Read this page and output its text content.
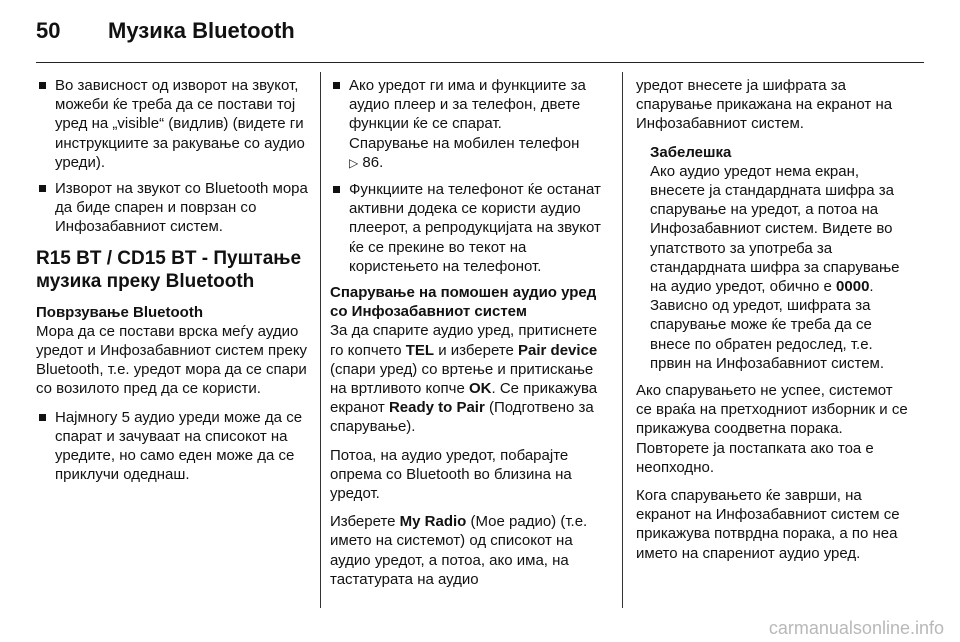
50 Музика Bluetooth
Во зависност од изворот на звукот, можеби ќе треба да се постави тој уред на „visible“ (видлив) (видете ги инструкциите за ракување со аудио уреди).
Изворот на звукот со Bluetooth мора да биде спарен и поврзан со Инфозабавниот систем.
R15 BT / CD15 BT - Пуштање музика преку Bluetooth
Поврзување Bluetooth

Мора да се постави врска меѓу аудио уредот и Инфозабавниот систем преку Bluetooth, т.е. уредот мора да се спари со возилото пред да се користи.

Најмногу 5 аудио уреди може да се спарат и зачуваат на списокот на уредите, но само еден може да се приклучи одеднаш.
Ако уредот ги има и функциите за аудио плеер и за телефон, двете функции ќе се спарат.
Спарување на мобилен телефон
▷ 86.
Функциите на телефонот ќе останат активни додека се користи аудио плеерот, а репродукцијата на звукот ќе се прекине во текот на користењето на телефонот.
Спарување на помошен аудио уред со Инфозабавниот систем

За да спарите аудио уред, притиснете го копчето TEL и изберете Pair device (спари уред) со вртење и притискање на вртливото копче OK. Се прикажува екранот Ready to Pair (Подготвено за спарување).

Потоа, на аудио уредот, побарајте опрема со Bluetooth во близина на уредот.

Изберете My Radio (Мое радио) (т.е. името на системот) од списокот на аудио уредот, а потоа, ако има, на тастатурата на аудио

уредот внесете ја шифрата за спарување прикажана на екранот на Инфозабавниот систем.

Забелешка
Ако аудио уредот нема екран, внесете ја стандардната шифра за спарување на уредот, а потоа на Инфозабавниот систем. Видете во упатството за употреба за стандардната шифра за спарување на аудио уредот, обично е 0000. Зависно од уредот, шифрата за спарување може ќе треба да се внесе по обратен редослед, т.е. првин на Инфозабавниот систем.

Ако спарувањето не успее, системот се враќа на претходниот изборник и се прикажува соодветна порака. Повторете ја постапката ако тоа е неопходно.

Кога спарувањето ќе заврши, на екранот на Инфозабавниот систем се прикажува потврдна порака, а по неа името на спарениот аудио уред.

carmanualsonline.info
